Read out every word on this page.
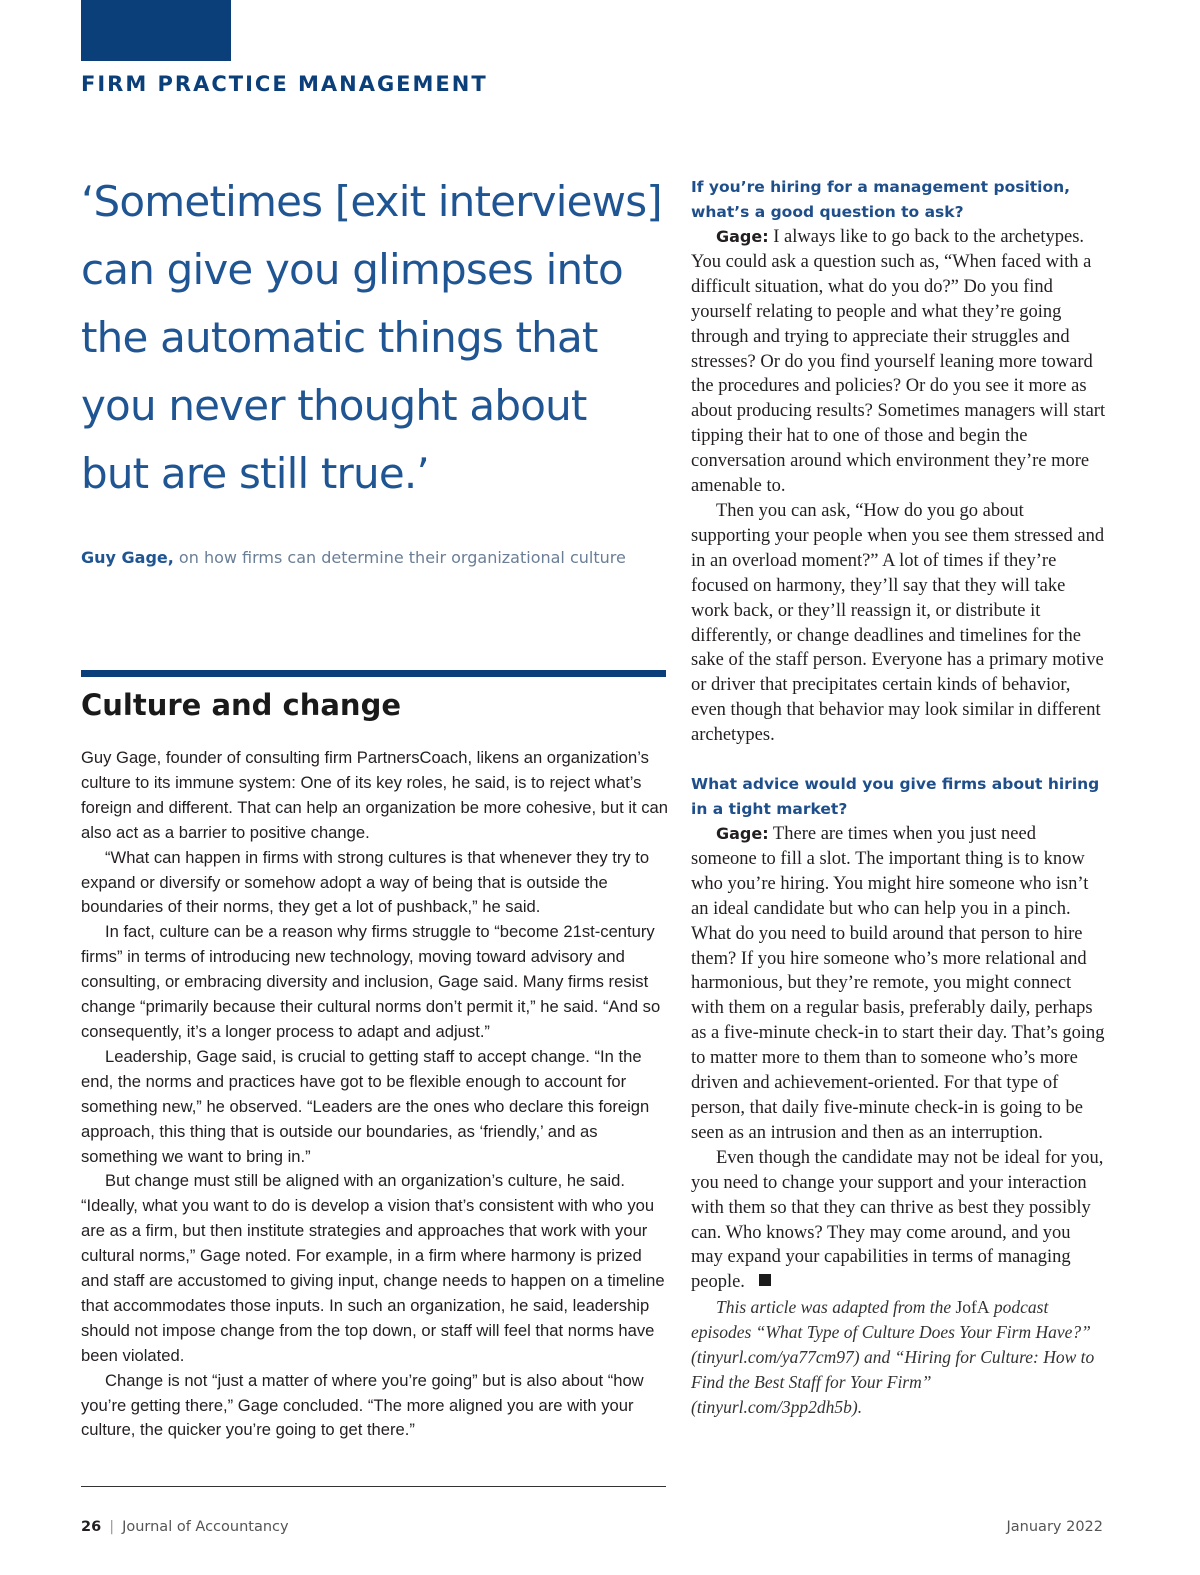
FIRM PRACTICE MANAGEMENT
‘Sometimes [exit interviews] can give you glimpses into the automatic things that you never thought about but are still true.’
Guy Gage, on how firms can determine their organizational culture
Culture and change

Guy Gage, founder of consulting firm PartnersCoach, likens an organization’s culture to its immune system: One of its key roles, he said, is to reject what’s foreign and different. That can help an organization be more cohesive, but it can also act as a barrier to positive change.

“What can happen in firms with strong cultures is that whenever they try to expand or diversify or somehow adopt a way of being that is outside the boundaries of their norms, they get a lot of pushback,” he said.

In fact, culture can be a reason why firms struggle to “become 21st-century firms” in terms of introducing new technology, moving toward advisory and consulting, or embracing diversity and inclusion, Gage said. Many firms resist change “primarily because their cultural norms don’t permit it,” he said. “And so consequently, it’s a longer process to adapt and adjust.”

Leadership, Gage said, is crucial to getting staff to accept change. “In the end, the norms and practices have got to be flexible enough to account for something new,” he observed. “Leaders are the ones who declare this foreign approach, this thing that is outside our boundaries, as ‘friendly,’ and as something we want to bring in.”

But change must still be aligned with an organization’s culture, he said. “Ideally, what you want to do is develop a vision that’s consistent with who you are as a firm, but then institute strategies and approaches that work with your cultural norms,” Gage noted. For example, in a firm where harmony is prized and staff are accustomed to giving input, change needs to happen on a timeline that accommodates those inputs. In such an organization, he said, leadership should not impose change from the top down, or staff will feel that norms have been violated.

Change is not “just a matter of where you’re going” but is also about “how you’re getting there,” Gage concluded. “The more aligned you are with your culture, the quicker you’re going to get there.”

If you’re hiring for a management position, what’s a good question to ask?

Gage: I always like to go back to the archetypes. You could ask a question such as, “When faced with a difficult situation, what do you do?” Do you find yourself relating to people and what they’re going through and trying to appreciate their struggles and stresses? Or do you find yourself leaning more toward the procedures and policies? Or do you see it more as about producing results? Sometimes managers will start tipping their hat to one of those and begin the conversation around which environment they’re more amenable to.

Then you can ask, “How do you go about supporting your people when you see them stressed and in an overload moment?” A lot of times if they’re focused on harmony, they’ll say that they will take work back, or they’ll reassign it, or distribute it differently, or change deadlines and timelines for the sake of the staff person. Everyone has a primary motive or driver that precipitates certain kinds of behavior, even though that behavior may look similar in different archetypes.

What advice would you give firms about hiring in a tight market?

Gage: There are times when you just need someone to fill a slot. The important thing is to know who you’re hiring. You might hire someone who isn’t an ideal candidate but who can help you in a pinch. What do you need to build around that person to hire them? If you hire someone who’s more relational and harmonious, but they’re remote, you might connect with them on a regular basis, preferably daily, perhaps as a five-minute check-in to start their day. That’s going to matter more to them than to someone who’s more driven and achievement-oriented. For that type of person, that daily five-minute check-in is going to be seen as an intrusion and then as an interruption.

Even though the candidate may not be ideal for you, you need to change your support and your interaction with them so that they can thrive as best they possibly can. Who knows? They may come around, and you may expand your capabilities in terms of managing people.

This article was adapted from the JofA podcast episodes “What Type of Culture Does Your Firm Have?” (tinyurl.com/ya77cm97) and “Hiring for Culture: How to Find the Best Staff for Your Firm” (tinyurl.com/3pp2dh5b).

26 | Journal of Accountancy	January 2022
